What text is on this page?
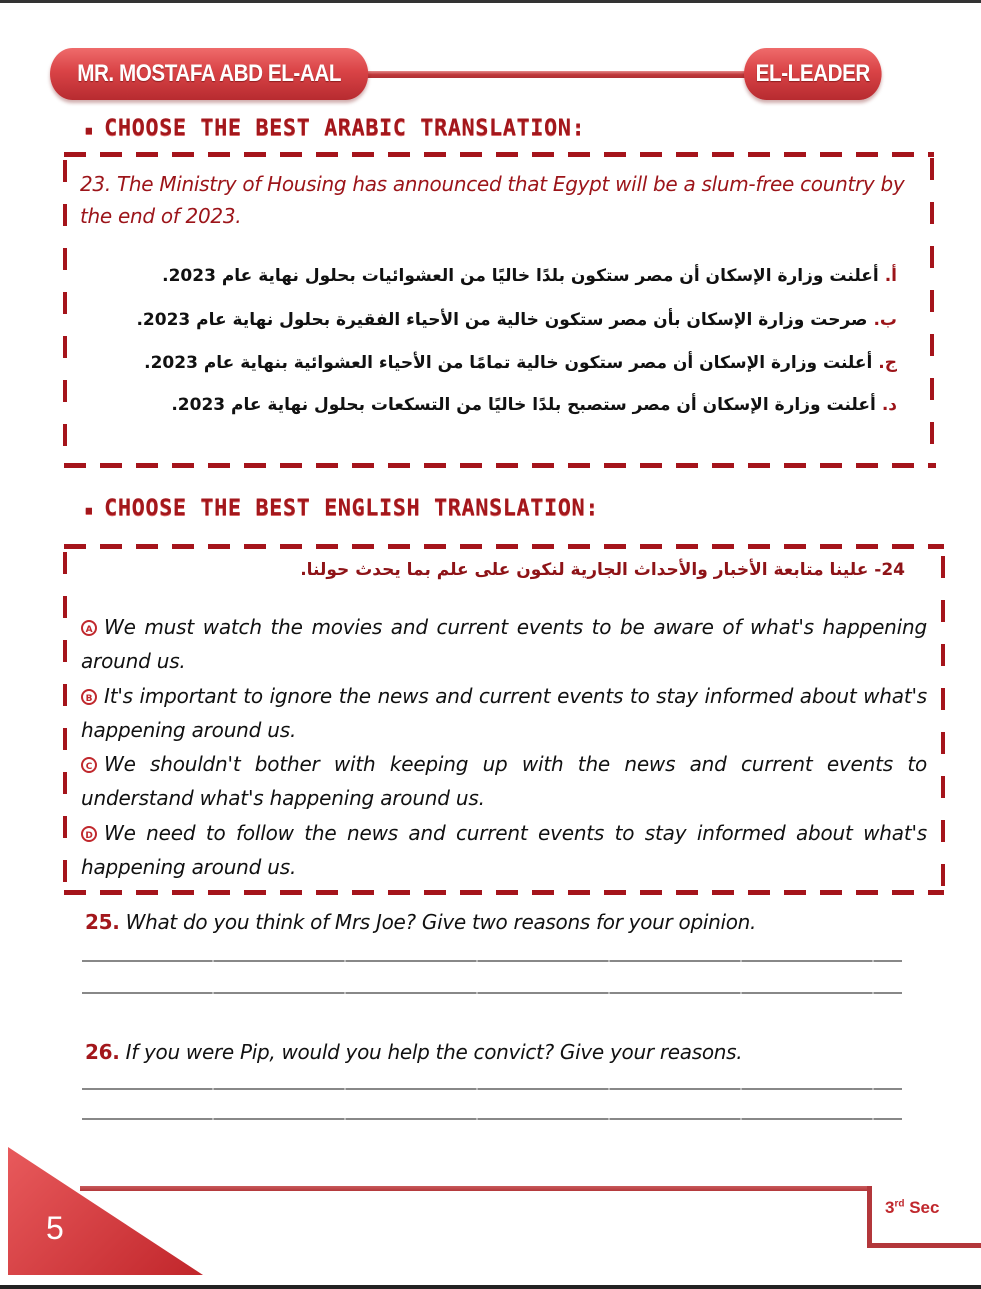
MR. MOSTAFA ABD EL-AAL	EL-LEADER
▪ CHOOSE THE BEST ARABIC TRANSLATION:
23. The Ministry of Housing has announced that Egypt will be a slum-free country by the end of 2023.
أ.أعلنت وزارة الإسكان أن مصر ستكون بلدًا خاليًا من العشوائيات بحلول نهاية عام 2023.
ب.صرحت وزارة الإسكان بأن مصر ستكون خالية من الأحياء الفقيرة بحلول نهاية عام 2023.
ج.أعلنت وزارة الإسكان أن مصر ستكون خالية تمامًا من الأحياء العشوائية بنهاية عام 2023.
د.أعلنت وزارة الإسكان أن مصر ستصبح بلدًا خاليًا من التسكعات بحلول نهاية عام 2023.
▪ CHOOSE THE BEST ENGLISH TRANSLATION:
24- علينا متابعة الأخبار والأحداث الجارية لنكون على علم بما يحدث حولنا.
A We must watch the movies and current events to be aware of what's happening around us.
B It's important to ignore the news and current events to stay informed about what's happening around us.
C We shouldn't bother with keeping up with the news and current events to understand what's happening around us.
D We need to follow the news and current events to stay informed about what's happening around us.
25. What do you think of Mrs Joe? Give two reasons for your opinion.
26. If you were Pip, would you help the convict? Give your reasons.
5
3rd Sec
